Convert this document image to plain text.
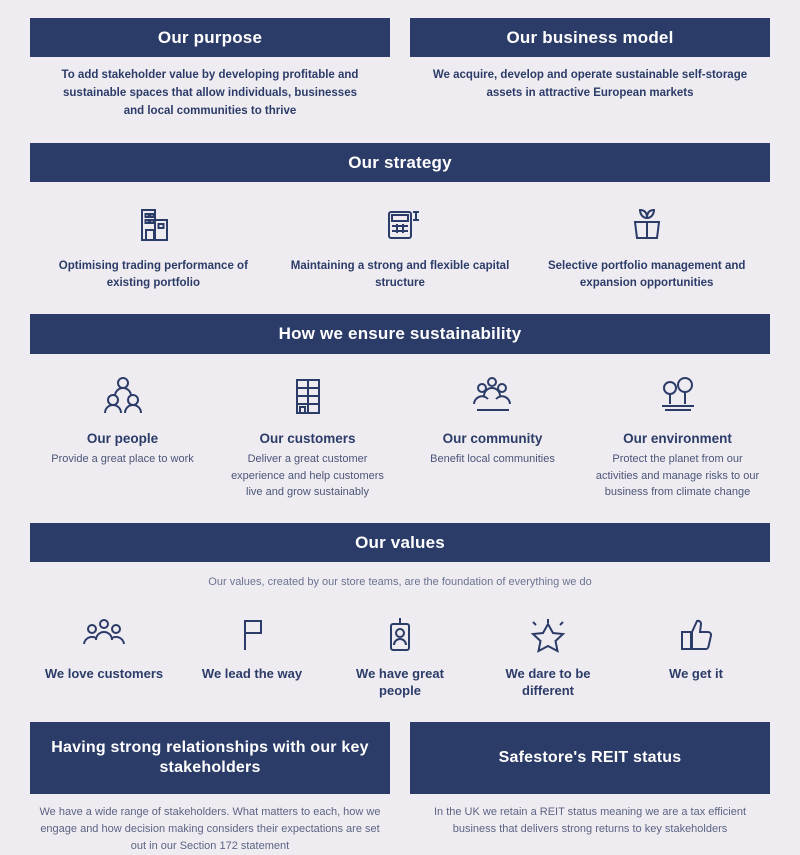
Our purpose
To add stakeholder value by developing profitable and sustainable spaces that allow individuals, businesses and local communities to thrive
Our business model
We acquire, develop and operate sustainable self-storage assets in attractive European markets
Our strategy
Optimising trading performance of existing portfolio
Maintaining a strong and flexible capital structure
Selective portfolio management and expansion opportunities
How we ensure sustainability
Our people
Provide a great place to work
Our customers
Deliver a great customer experience and help customers live and grow sustainably
Our community
Benefit local communities
Our environment
Protect the planet from our activities and manage risks to our business from climate change
Our values
Our values, created by our store teams, are the foundation of everything we do
We love customers	We lead the way	We have great people
We dare to be different
We get it
Having strong relationships with our key stakeholders
We have a wide range of stakeholders. What matters to each, how we engage and how decision making considers their expectations are set out in our Section 172 statement
Safestore's REIT status
In the UK we retain a REIT status meaning we are a tax efficient business that delivers strong returns to key stakeholders
